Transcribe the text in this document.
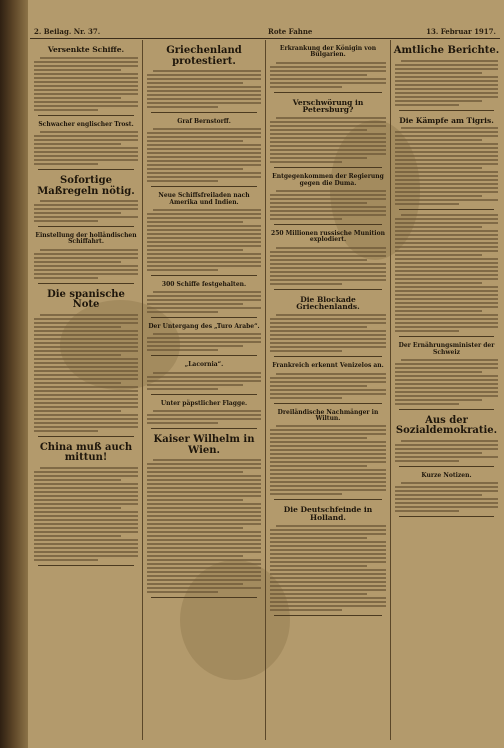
2. Beilag. Nr. 37.	Rote Fahne	13. Februar 1917.
Versenkte Schiffe.
Schwacher englischer Trost.
Sofortige Maßregeln nötig.
Einstellung der holländischen Schiffahrt.
Die spanische Note
China muß auch mittun!
Griechenland protestiert.
Graf Bernstorff.
Neue Schiffsfreiladen nach Amerika und Indien.
300 Schiffe festgehalten.
Der Untergang des „Turo Arabe“.
„Lacornia“.
Unter päpstlicher Flagge.
Kaiser Wilhelm in Wien.
Erkrankung der Königin von Bulgarien.
Verschwörung in Petersburg?
Entgegenkommen der Regierung gegen die Duma.
250 Millionen russische Munition explodiert.
Die Blockade Griechenlands.
Frankreich erkennt Venizelos an.
Dreiländische Nachmänger in Wiltun.
Die Deutschfeinde in Holland.
Amtliche Berichte.
Die Kämpfe am Tigris.
Der Ernährungsminister der Schweiz
Aus der Sozialdemokratie.
Kurze Notizen.
